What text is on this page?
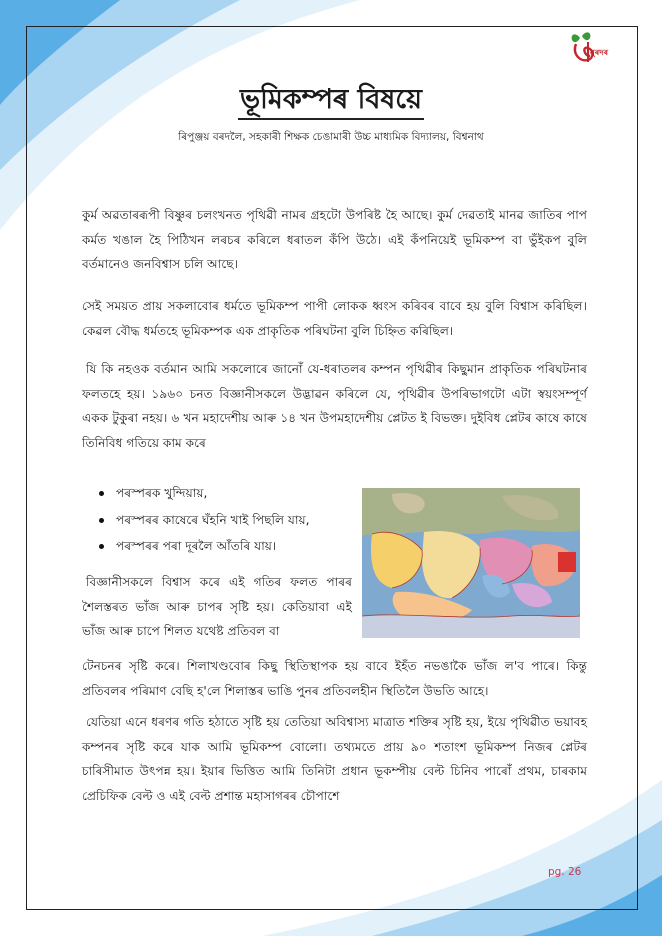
নুৰদৰ
ভূমিকম্পৰ বিষয়ে
ৰিপুঞ্জয় বৰদলৈ, সহকাৰী শিক্ষক চেঙামাৰী উচ্চ মাধ্যমিক বিদ্যালয়, বিশ্বনাথ

কুৰ্ম অৱতাৰৰূপী বিষ্ণুৰ চলংখনত পৃথিৱী নামৰ গ্ৰহটো উপৰিষ্ট হৈ আছে। কুৰ্ম দেৱতাই মানৱ জাতিৰ পাপ কৰ্মত খঙাল হৈ পিঠিখন লৰচৰ কৰিলে ধৰাতল কঁপি উঠে। এই কঁপনিয়েই ভূমিকম্প বা ভুঁইকপ বুলি বৰ্তমানেও জনবিশ্বাস চলি আছে।

সেই সময়ত প্ৰায় সকলাবোৰ ধৰ্মতে ভূমিকম্প পাপী লোকক ধ্বংস কৰিবৰ বাবে হয় বুলি বিশ্বাস কৰিছিল। কেৱল বৌদ্ধ ধৰ্মতহে ভূমিকম্পক এক প্ৰাকৃতিক পৰিঘটনা বুলি চিহ্নিত কৰিছিল।

যি কি নহওক বৰ্তমান আমি সকলোৰে জানোঁ যে-ধৰাতলৰ কম্পন পৃথিৱীৰ কিছুমান প্ৰাকৃতিক পৰিঘটনাৰ ফলতহে হয়। ১৯৬০ চনত বিজ্ঞানীসকলে উদ্ভাৱন কৰিলে যে, পৃথিৱীৰ উপৰিভাগটো এটা স্বয়ংসম্পূৰ্ণ একক টুকুৰা নহয়। ৬ খন মহাদেশীয় আৰু ১৪ খন উপমহাদেশীয় প্লেটত ই বিভক্ত। দুইবিধ প্লেটৰ কাষে কাষে তিনিবিধ গতিয়ে কাম কৰে

পৰস্পৰক খুন্দিয়ায়,
পৰস্পৰৰ কাষেৰে ঘঁহনি খাই পিছলি যায়,
পৰস্পৰৰ পৰা দূৰলৈ আঁতৰি যায়।

বিজ্ঞানীসকলে বিশ্বাস কৰে এই গতিৰ ফলত পাৰৰ শৈলস্তৰত ভাঁজ আৰু চাপৰ সৃষ্টি হয়। কেতিয়াবা এই ভাঁজ আৰু চাপে শিলত যথেষ্ট প্ৰতিবল বা

টেনচনৰ সৃষ্টি কৰে। শিলাখণ্ডবোৰ কিছু স্থিতিস্থাপক হয় বাবে ইহঁত নভঙাকৈ ভাঁজ ল'ব পাৰে। কিন্তু প্ৰতিবলৰ পৰিমাণ বেছি হ'লে শিলাস্তৰ ভাঙি পুনৰ প্ৰতিবলহীন স্থিতিলৈ উভতি আহে।

যেতিয়া এনে ধৰণৰ গতি হঠাতে সৃষ্টি হয় তেতিয়া অবিশ্বাস্য মাত্ৰাত শক্তিৰ সৃষ্টি হয়, ইয়ে পৃথিৱীত ভয়াবহ কম্পনৰ সৃষ্টি কৰে যাক আমি ভূমিকম্প বোলো। তথ্যমতে প্ৰায় ৯০ শতাংশ ভূমিকম্প নিজৰ প্লেটৰ চাৰিসীমাত উৎপন্ন হয়। ইয়াৰ ভিত্তিত আমি তিনিটা প্ৰধান ভূকম্পীয় বেল্ট চিনিব পাৰোঁ প্ৰথম, চাৰকাম প্ৰেচিফিক বেল্ট ও এই বেল্ট প্ৰশান্ত মহাসাগৰৰ চৌপাশে

pg. 26
